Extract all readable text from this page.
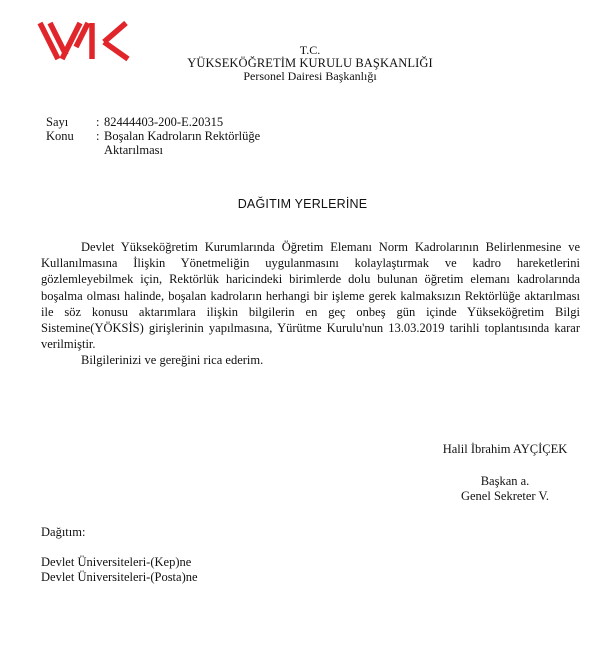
T.C.
YÜKSEKÖĞRETİM KURULU BAŞKANLIĞI
Personel Dairesi Başkanlığı
Sayı	: 82444403-200-E.20315
Konu	: Boşalan Kadroların Rektörlüğe
Aktarılması
DAĞITIM YERLERİNE

Devlet Yükseköğretim Kurumlarında Öğretim Elemanı Norm Kadrolarının Belirlenmesine ve Kullanılmasına İlişkin Yönetmeliğin uygulanmasını kolaylaştırmak ve kadro hareketlerini gözlemleyebilmek için, Rektörlük haricindeki birimlerde dolu bulunan öğretim elemanı kadrolarında boşalma olması halinde, boşalan kadroların herhangi bir işleme gerek kalmaksızın Rektörlüğe aktarılması ile söz konusu aktarımlara ilişkin bilgilerin en geç onbeş gün içinde Yükseköğretim Bilgi Sistemine(YÖKSİS) girişlerinin yapılmasına, Yürütme Kurulu'nun 13.03.2019 tarihli toplantısında karar verilmiştir.

Bilgilerinizi ve gereğini rica ederim.

Halil İbrahim AYÇİÇEK
Başkan a.
Genel Sekreter V.
Dağıtım:
Devlet Üniversiteleri-(Kep)ne
Devlet Üniversiteleri-(Posta)ne
